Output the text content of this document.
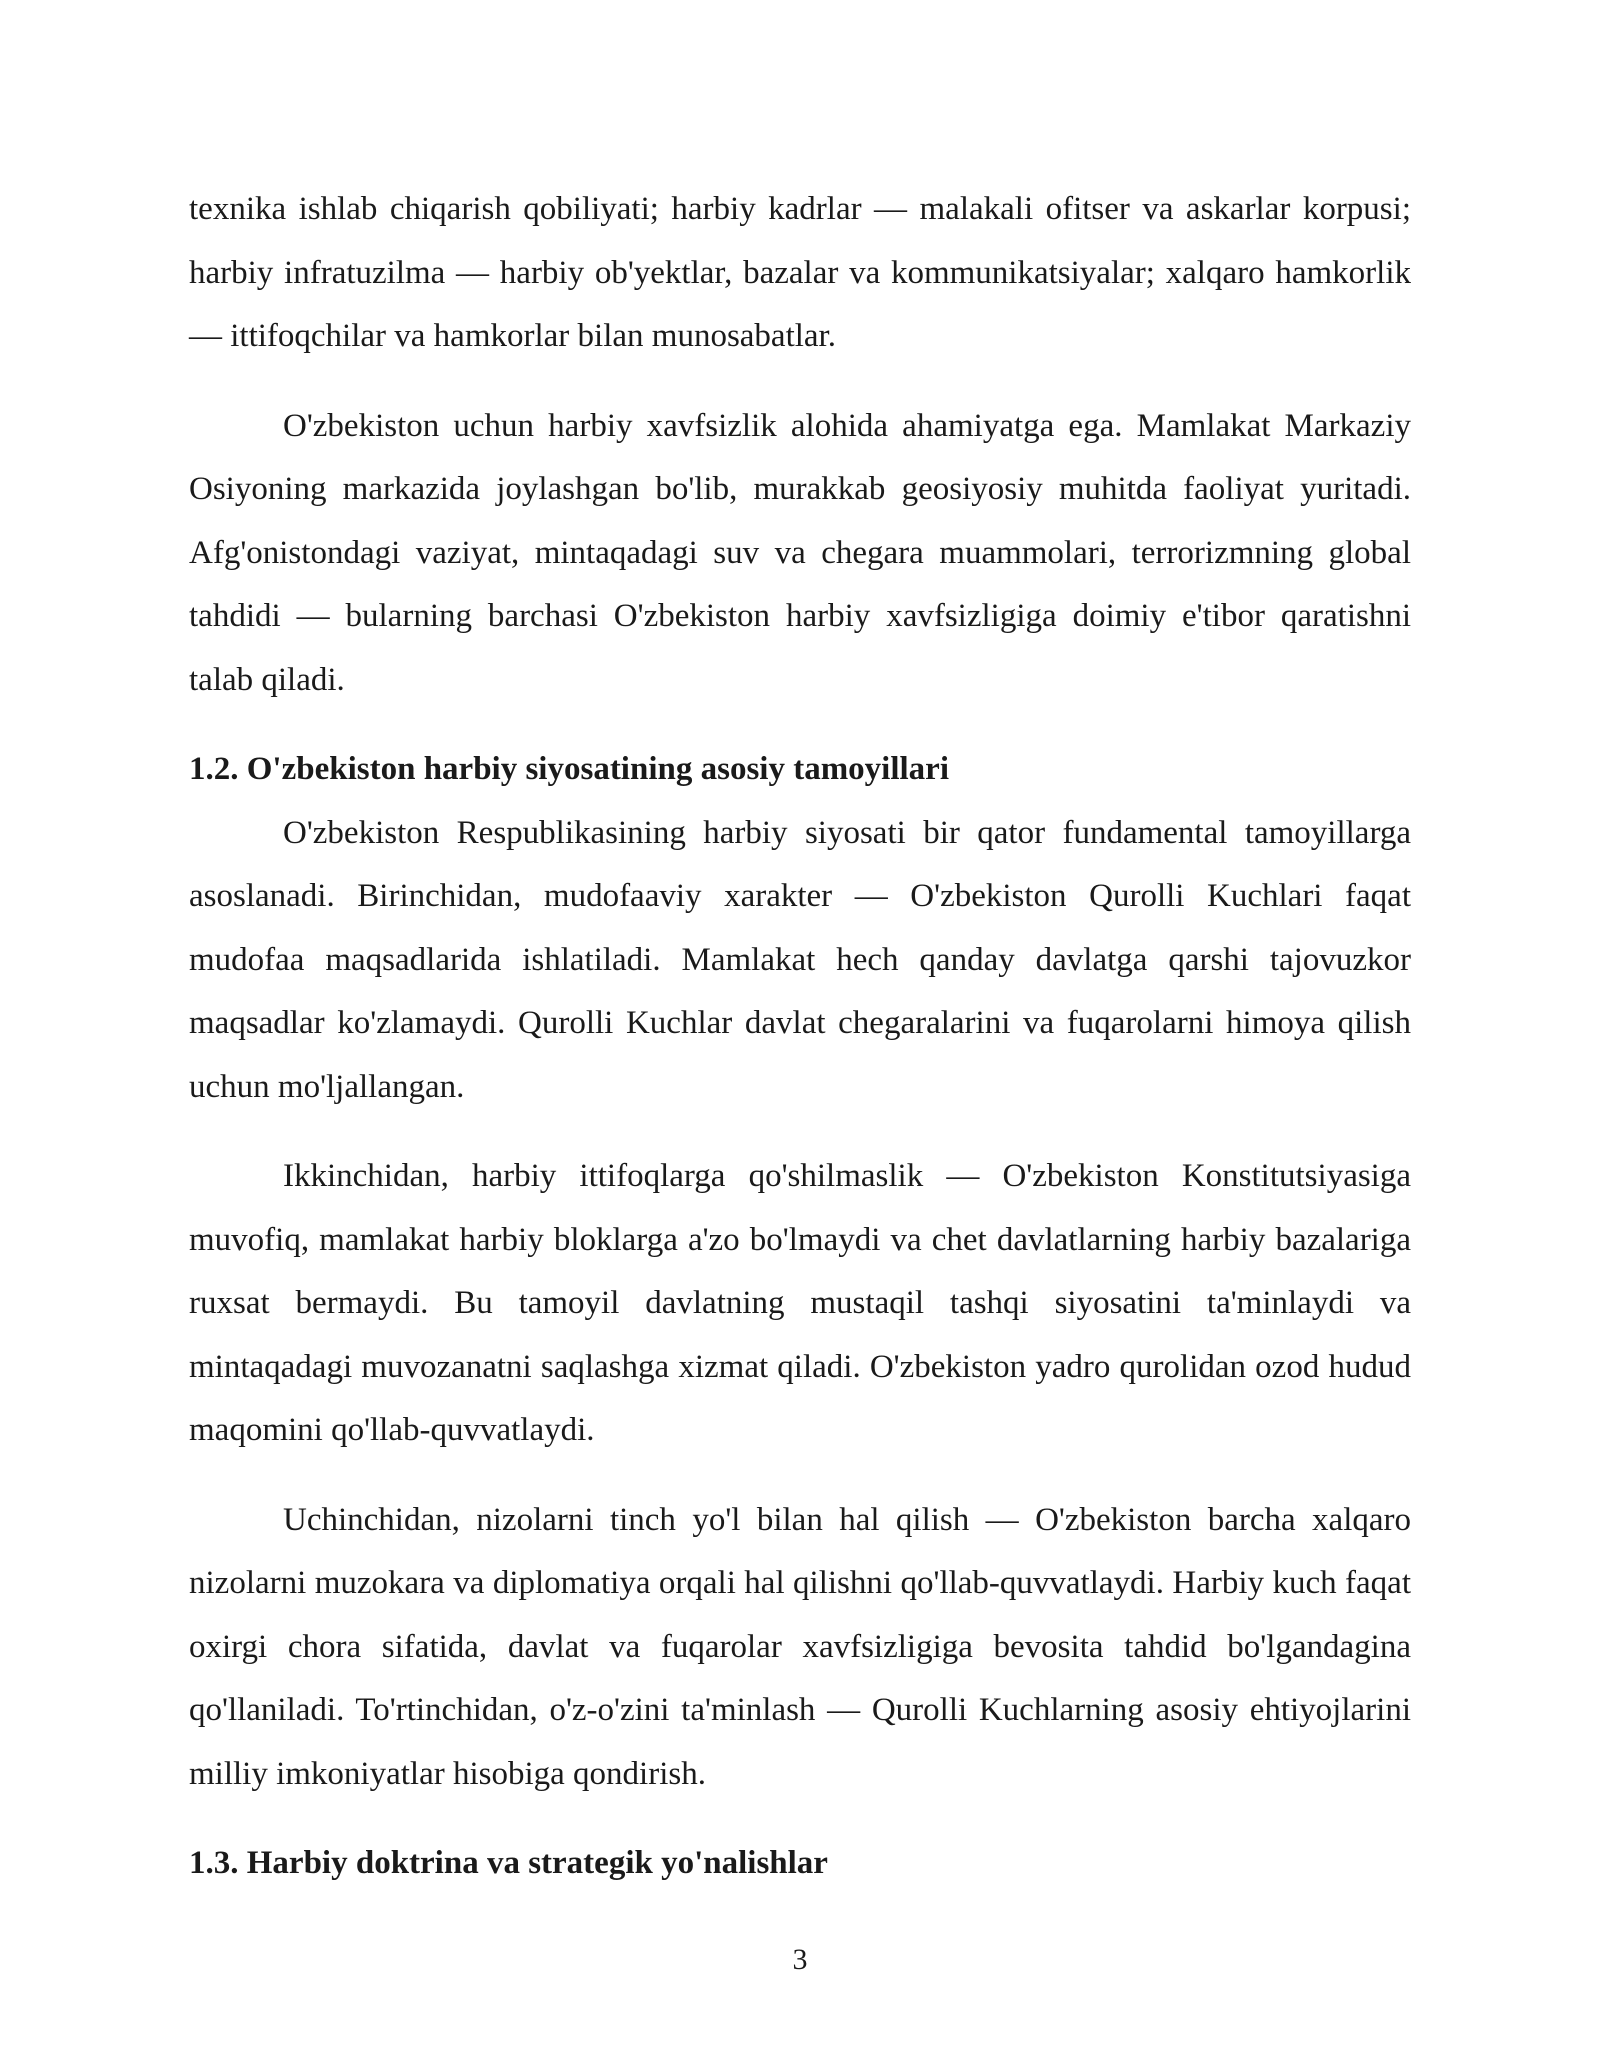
texnika ishlab chiqarish qobiliyati; harbiy kadrlar — malakali ofitser va askarlar korpusi; harbiy infratuzilma — harbiy ob'yektlar, bazalar va kommunikatsiyalar; xalqaro hamkorlik — ittifoqchilar va hamkorlar bilan munosabatlar.

O'zbekiston uchun harbiy xavfsizlik alohida ahamiyatga ega. Mamlakat Markaziy Osiyoning markazida joylashgan bo'lib, murakkab geosiyosiy muhitda faoliyat yuritadi. Afg'onistondagi vaziyat, mintaqadagi suv va chegara muammolari, terrorizmning global tahdidi — bularning barchasi O'zbekiston harbiy xavfsizligiga doimiy e'tibor qaratishni talab qiladi.

1.2. O'zbekiston harbiy siyosatining asosiy tamoyillari

O'zbekiston Respublikasining harbiy siyosati bir qator fundamental tamoyillarga asoslanadi. Birinchidan, mudofaaviy xarakter — O'zbekiston Qurolli Kuchlari faqat mudofaa maqsadlarida ishlatiladi. Mamlakat hech qanday davlatga qarshi tajovuzkor maqsadlar ko'zlamaydi. Qurolli Kuchlar davlat chegaralarini va fuqarolarni himoya qilish uchun mo'ljallangan.

Ikkinchidan, harbiy ittifoqlarga qo'shilmaslik — O'zbekiston Konstitutsiyasiga muvofiq, mamlakat harbiy bloklarga a'zo bo'lmaydi va chet davlatlarning harbiy bazalariga ruxsat bermaydi. Bu tamoyil davlatning mustaqil tashqi siyosatini ta'minlaydi va mintaqadagi muvozanatni saqlashga xizmat qiladi. O'zbekiston yadro qurolidan ozod hudud maqomini qo'llab-quvvatlaydi.

Uchinchidan, nizolarni tinch yo'l bilan hal qilish — O'zbekiston barcha xalqaro nizolarni muzokara va diplomatiya orqali hal qilishni qo'llab-quvvatlaydi. Harbiy kuch faqat oxirgi chora sifatida, davlat va fuqarolar xavfsizligiga bevosita tahdid bo'lgandagina qo'llaniladi. To'rtinchidan, o'z-o'zini ta'minlash — Qurolli Kuchlarning asosiy ehtiyojlarini milliy imkoniyatlar hisobiga qondirish.

1.3. Harbiy doktrina va strategik yo'nalishlar
3
